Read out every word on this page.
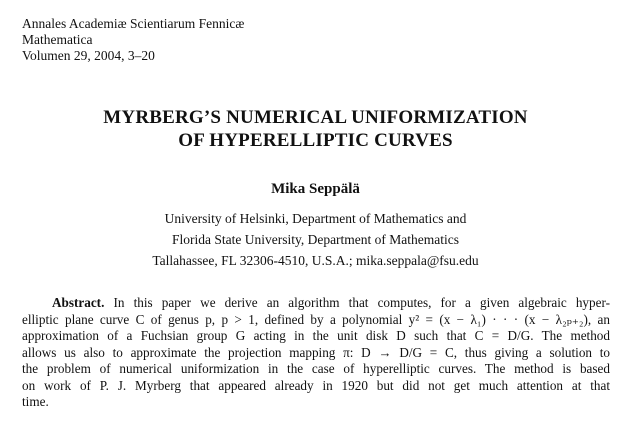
Annales Academiæ Scientiarum Fennicæ
Mathematica
Volumen 29, 2004, 3–20
MYRBERG’S NUMERICAL UNIFORMIZATION
OF HYPERELLIPTIC CURVES
Mika Seppälä
University of Helsinki, Department of Mathematics and
Florida State University, Department of Mathematics
Tallahassee, FL 32306-4510, U.S.A.; mika.seppala@fsu.edu
Abstract. In this paper we derive an algorithm that computes, for a given algebraic hyper-
elliptic plane curve C of genus p, p > 1, defined by a polynomial y² = (x − λ₁) · · · (x − λ₂ₚ₊₂), an
approximation of a Fuchsian group G acting in the unit disk D such that C = D/G. The method
allows us also to approximate the projection mapping π: D → D/G = C, thus giving a solution to
the problem of numerical uniformization in the case of hyperelliptic curves. The method is based
on work of P. J. Myrberg that appeared already in 1920 but did not get much attention at that
time.
